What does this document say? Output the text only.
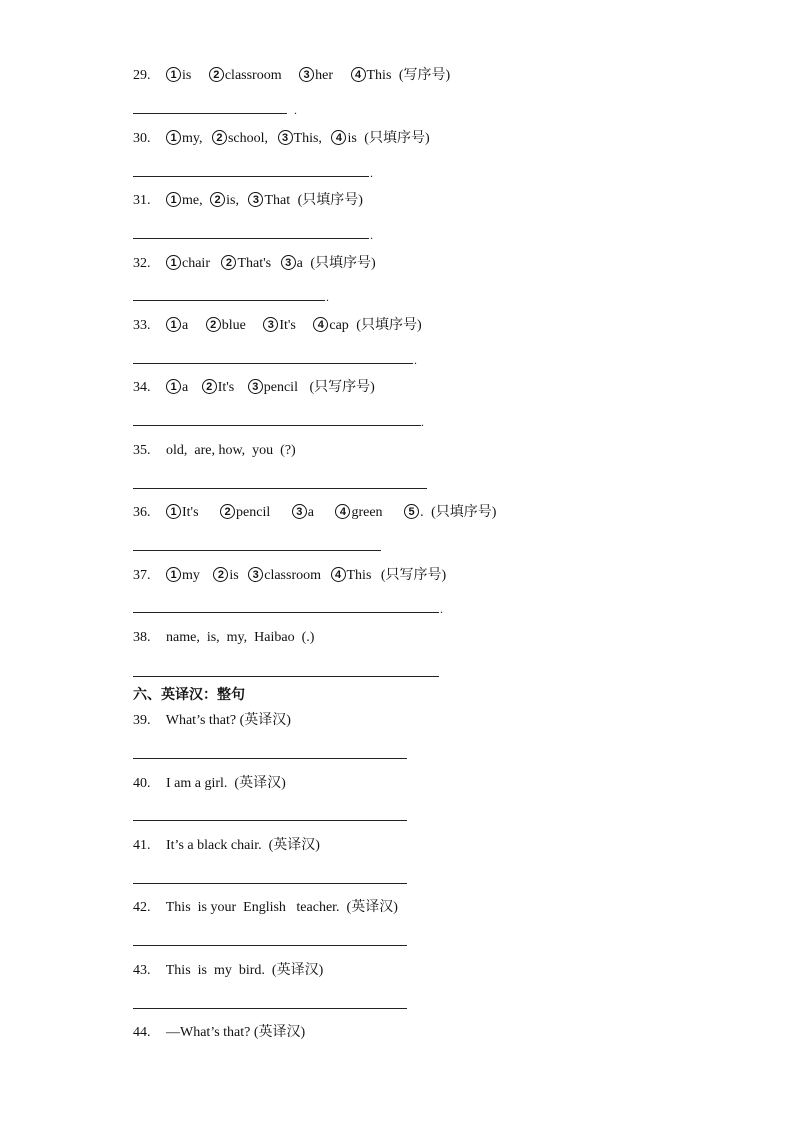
29. 1 is 2 classroom 3 her 4 This (写序号)
.
30. 1 my, 2 school, 3 This, 4 is (只填序号)
.
31. 1 me, 2 is, 3 That (只填序号)
.
32. 1 chair 2 That's 3 a (只填序号)
.
33. 1 a 2 blue 3 It's 4 cap (只填序号)
.
34. 1 a 2 It's 3 pencil (只写序号)
.
35. old,  are, how,  you  (?)
36. 1 It's 2 pencil 3 a 4 green 5 . (只填序号)
37. 1 my 2 is 3 classroom 4 This (只写序号)
.
38. name,  is,  my,  Haibao  (.)
六、英译汉：整句
39. What’s that? (英译汉)
40. I am a girl.  (英译汉)
41. It’s a black chair.  (英译汉)
42. This  is your  English   teacher.  (英译汉)
43. This  is  my  bird.  (英译汉)
44. —What’s that? (英译汉)
